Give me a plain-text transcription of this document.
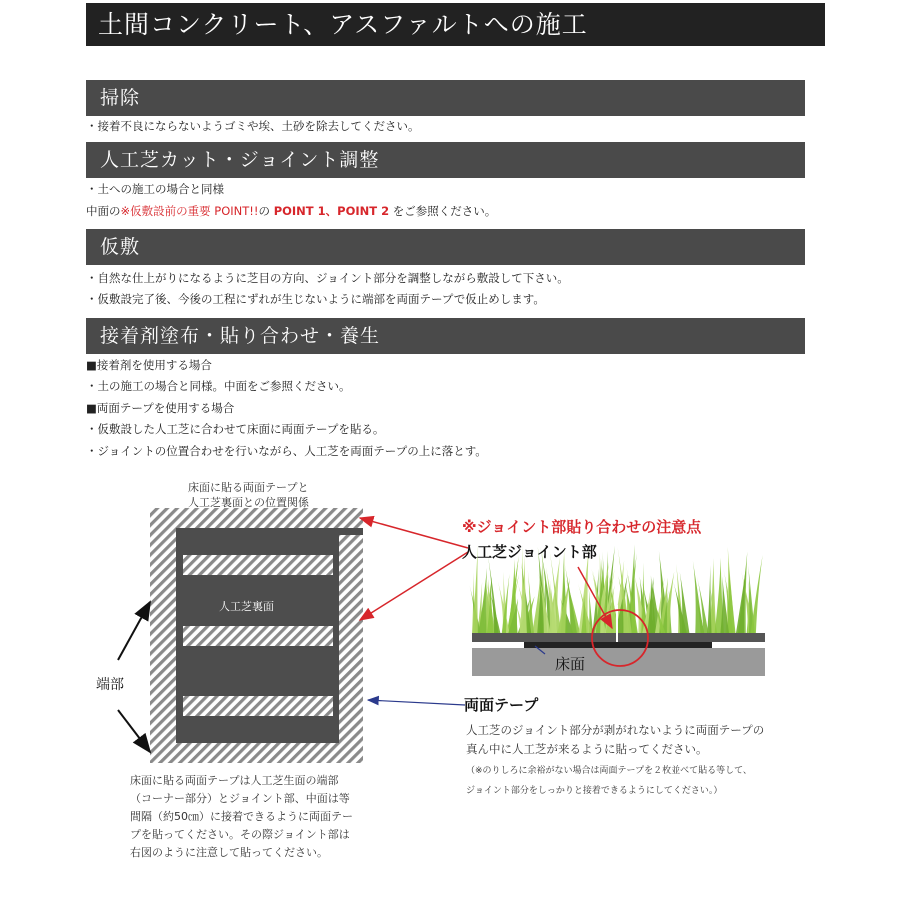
土間コンクリート、アスファルトへの施工
掃除
・接着不良にならないようゴミや埃、土砂を除去してください。
人工芝カット・ジョイント調整
・土への施工の場合と同様
中面の※仮敷設前の重要 POINT!!の POINT 1、POINT 2 をご参照ください。
仮敷
・自然な仕上がりになるように芝目の方向、ジョイント部分を調整しながら敷設して下さい。
・仮敷設完了後、今後の工程にずれが生じないように端部を両面テープで仮止めします。
接着剤塗布・貼り合わせ・養生
■接着剤を使用する場合
・土の施工の場合と同様。中面をご参照ください。
■両面テープを使用する場合
・仮敷設した人工芝に合わせて床面に両面テープを貼る。
・ジョイントの位置合わせを行いながら、人工芝を両面テープの上に落とす。
床面に貼る両面テープと
人工芝裏面との位置関係
人工芝裏面
端部
床面に貼る両面テープは人工芝生面の端部
（コーナー部分）とジョイント部、中面は等
間隔（約50㎝）に接着できるように両面テー
プを貼ってください。その際ジョイント部は
右図のように注意して貼ってください。
※ジョイント部貼り合わせの注意点
人工芝ジョイント部
床面
両面テープ
人工芝のジョイント部分が剥がれないように両面テープの
真ん中に人工芝が来るように貼ってください。
（※のりしろに余裕がない場合は両面テープを２枚並べて貼る等して、
ジョイント部分をしっかりと接着できるようにしてください。）
